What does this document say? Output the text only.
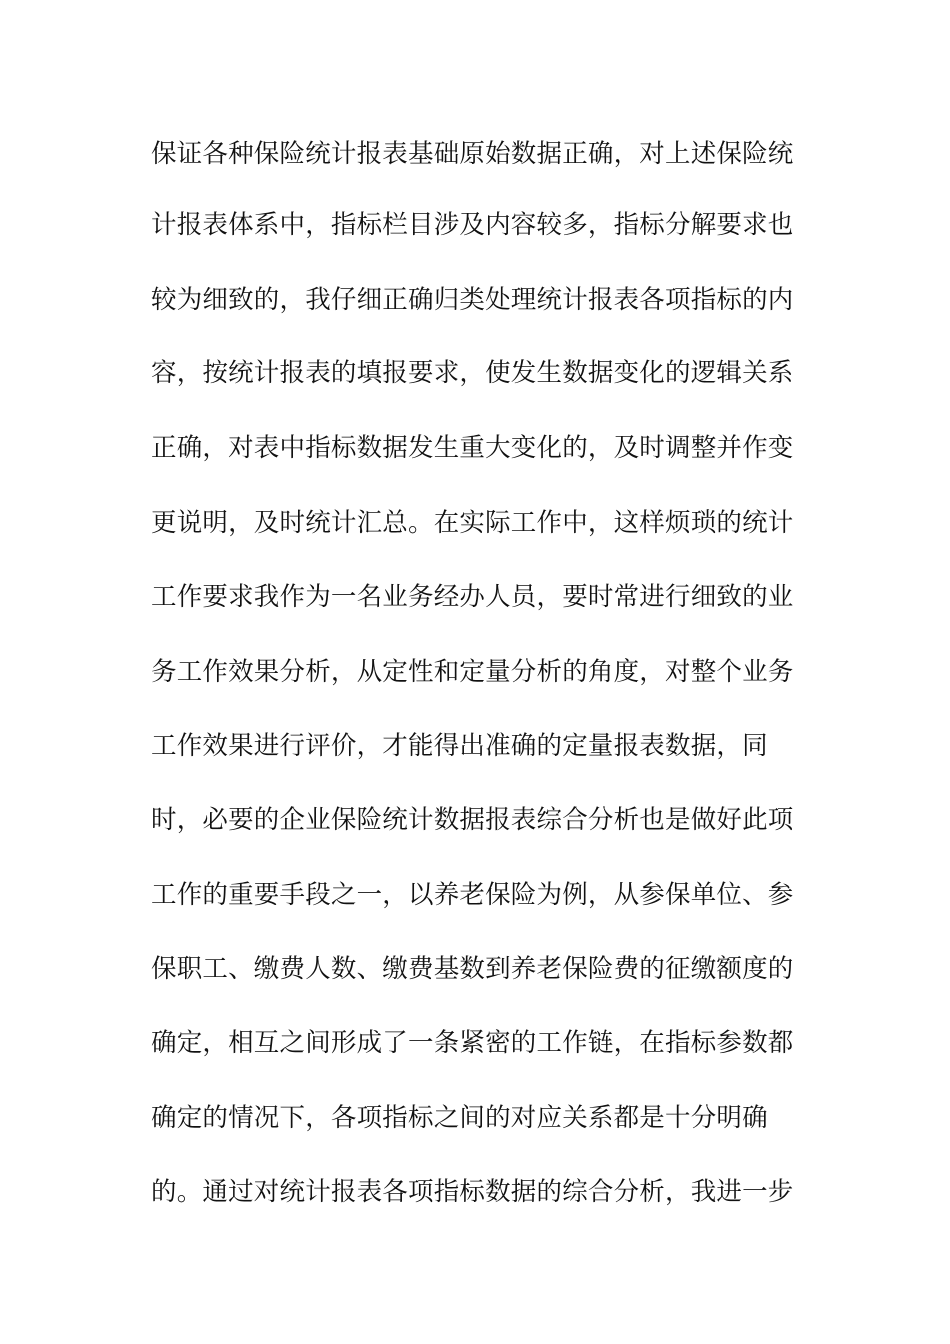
保证各种保险统计报表基础原始数据正确，对上述保险统
计报表体系中，指标栏目涉及内容较多，指标分解要求也
较为细致的，我仔细正确归类处理统计报表各项指标的内
容，按统计报表的填报要求，使发生数据变化的逻辑关系
正确，对表中指标数据发生重大变化的，及时调整并作变
更说明，及时统计汇总。在实际工作中，这样烦琐的统计
工作要求我作为一名业务经办人员，要时常进行细致的业
务工作效果分析，从定性和定量分析的角度，对整个业务
工作效果进行评价，才能得出准确的定量报表数据，同
时，必要的企业保险统计数据报表综合分析也是做好此项
工作的重要手段之一，以养老保险为例，从参保单位、参
保职工、缴费人数、缴费基数到养老保险费的征缴额度的
确定，相互之间形成了一条紧密的工作链，在指标参数都
确定的情况下，各项指标之间的对应关系都是十分明确
的。通过对统计报表各项指标数据的综合分析，我进一步
